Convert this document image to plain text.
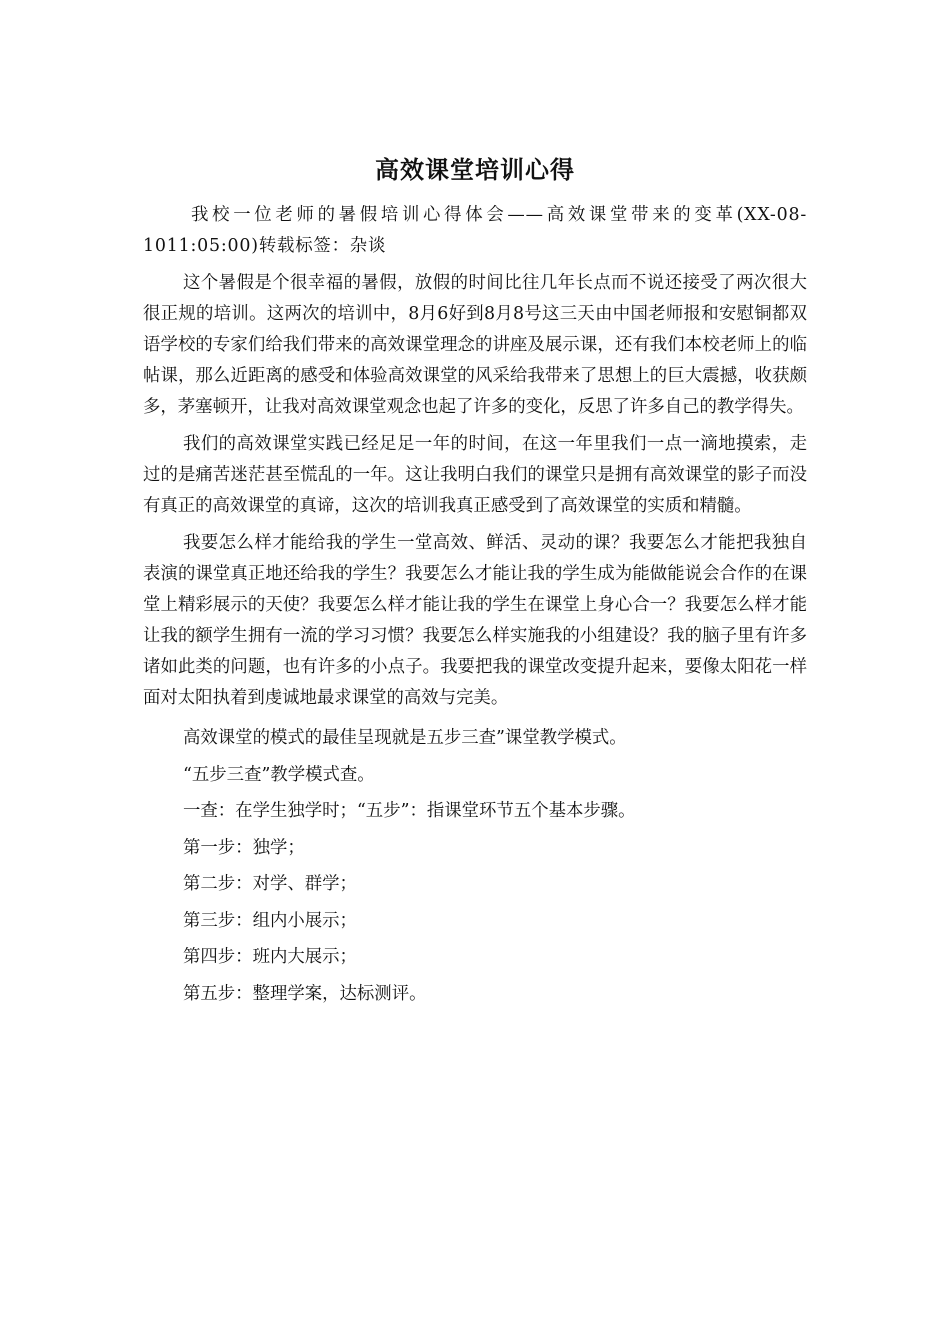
高效课堂培训心得

我校一位老师的暑假培训心得体会——高效课堂带来的变革(XX-08-1011:05:00)转载标签：杂谈

这个暑假是个很幸福的暑假，放假的时间比往几年长点而不说还接受了两次很大很正规的培训。这两次的培训中，8月6好到8月8号这三天由中国老师报和安慰铜都双语学校的专家们给我们带来的高效课堂理念的讲座及展示课，还有我们本校老师上的临帖课，那么近距离的感受和体验高效课堂的风采给我带来了思想上的巨大震撼，收获颇多，茅塞顿开，让我对高效课堂观念也起了许多的变化，反思了许多自己的教学得失。

我们的高效课堂实践已经足足一年的时间，在这一年里我们一点一滴地摸索，走过的是痛苦迷茫甚至慌乱的一年。这让我明白我们的课堂只是拥有高效课堂的影子而没有真正的高效课堂的真谛，这次的培训我真正感受到了高效课堂的实质和精髓。

我要怎么样才能给我的学生一堂高效、鲜活、灵动的课？我要怎么才能把我独自表演的课堂真正地还给我的学生？我要怎么才能让我的学生成为能做能说会合作的在课堂上精彩展示的天使？我要怎么样才能让我的学生在课堂上身心合一？我要怎么样才能让我的额学生拥有一流的学习习惯？我要怎么样实施我的小组建设？我的脑子里有许多诸如此类的问题，也有许多的小点子。我要把我的课堂改变提升起来，要像太阳花一样面对太阳执着到虔诚地最求课堂的高效与完美。

高效课堂的模式的最佳呈现就是五步三查”课堂教学模式。
“五步三查”教学模式查。
一查：在学生独学时；“五步”：指课堂环节五个基本步骤。
第一步：独学；
第二步：对学、群学；
第三步：组内小展示；
第四步：班内大展示；
第五步：整理学案，达标测评。
